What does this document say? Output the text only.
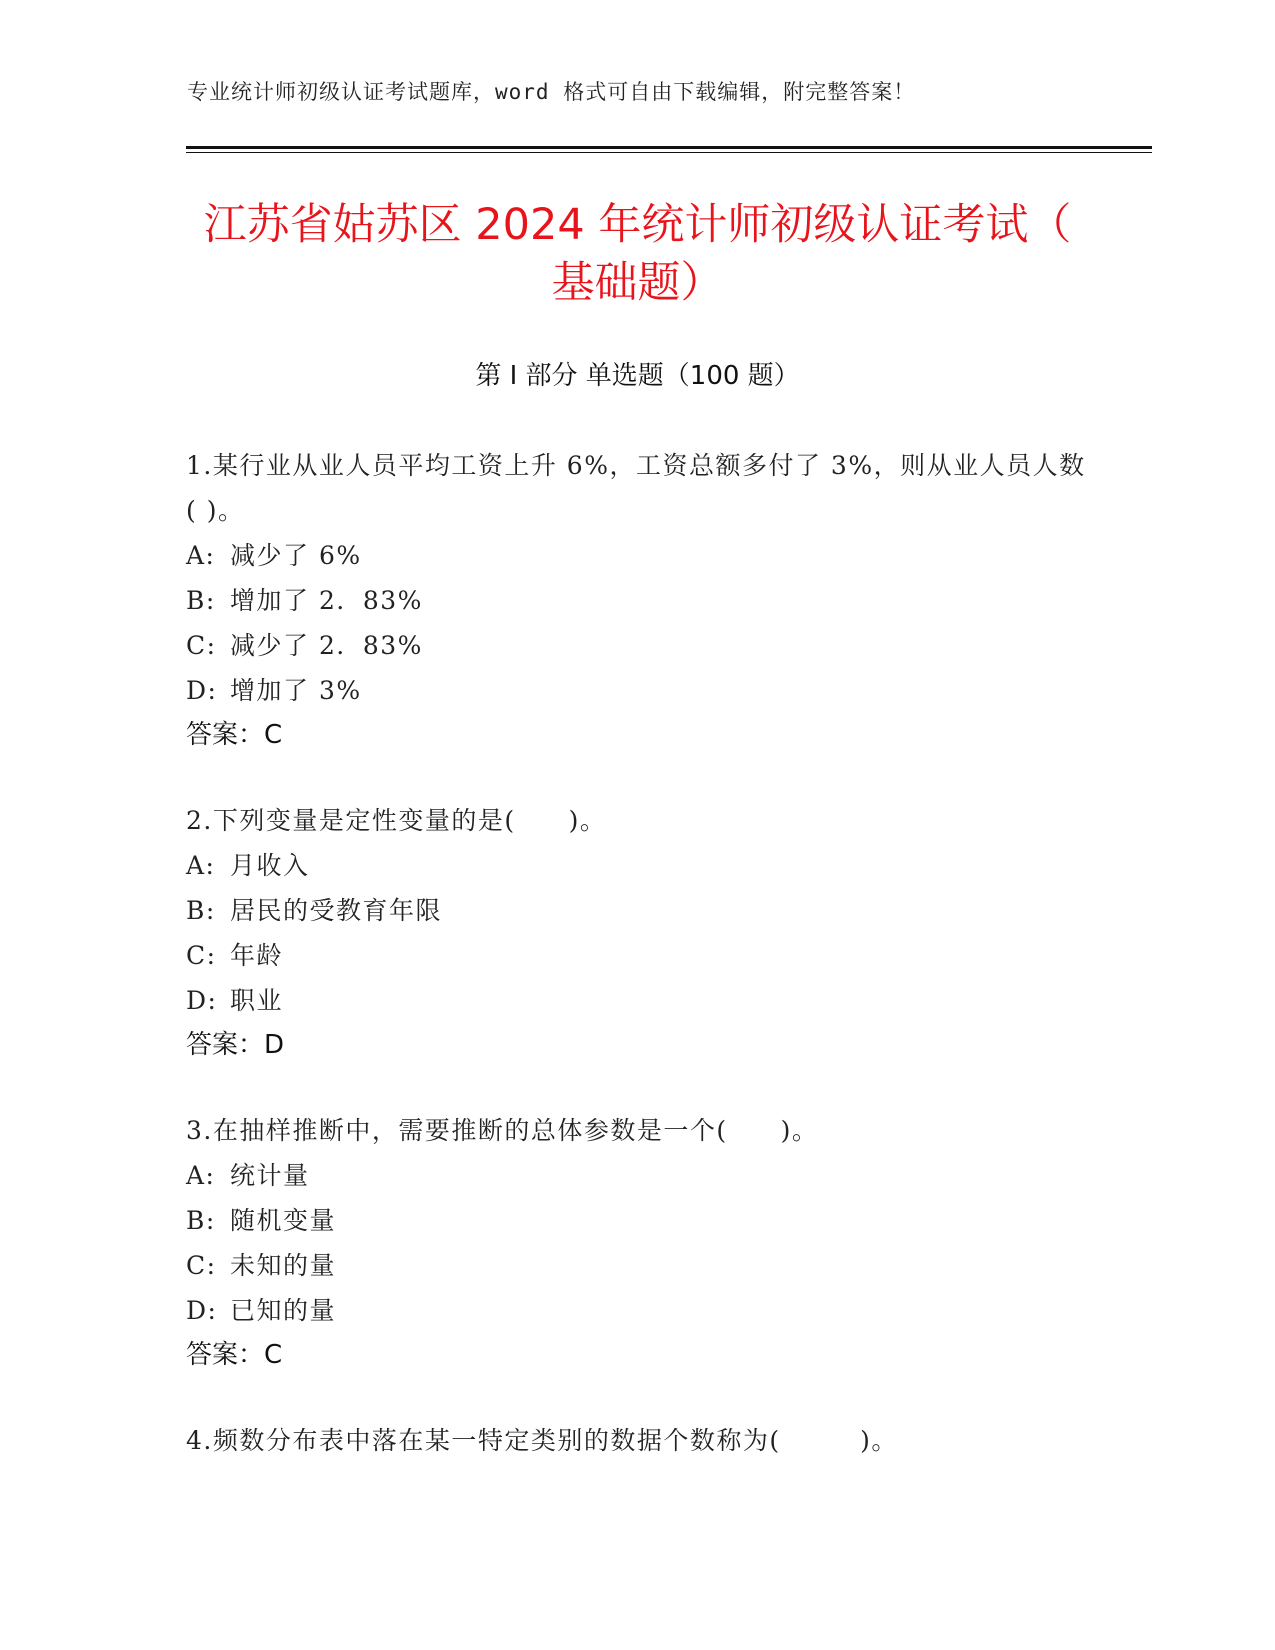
专业统计师初级认证考试题库，word 格式可自由下载编辑，附完整答案！
江苏省姑苏区 2024 年统计师初级认证考试（
基础题）
第 I 部分 单选题（100 题）

1.某行业从业人员平均工资上升 6%，工资总额多付了 3%，则从业人员人数( )。

A: 减少了 6%

B: 增加了 2．83%

C: 减少了 2．83%

D: 增加了 3%

答案：C

2.下列变量是定性变量的是(　　)。

A: 月收入

B: 居民的受教育年限

C: 年龄

D: 职业

答案：D

3.在抽样推断中，需要推断的总体参数是一个(　　)。

A: 统计量

B: 随机变量

C: 未知的量

D: 已知的量

答案：C

4.频数分布表中落在某一特定类别的数据个数称为(　　　)。
